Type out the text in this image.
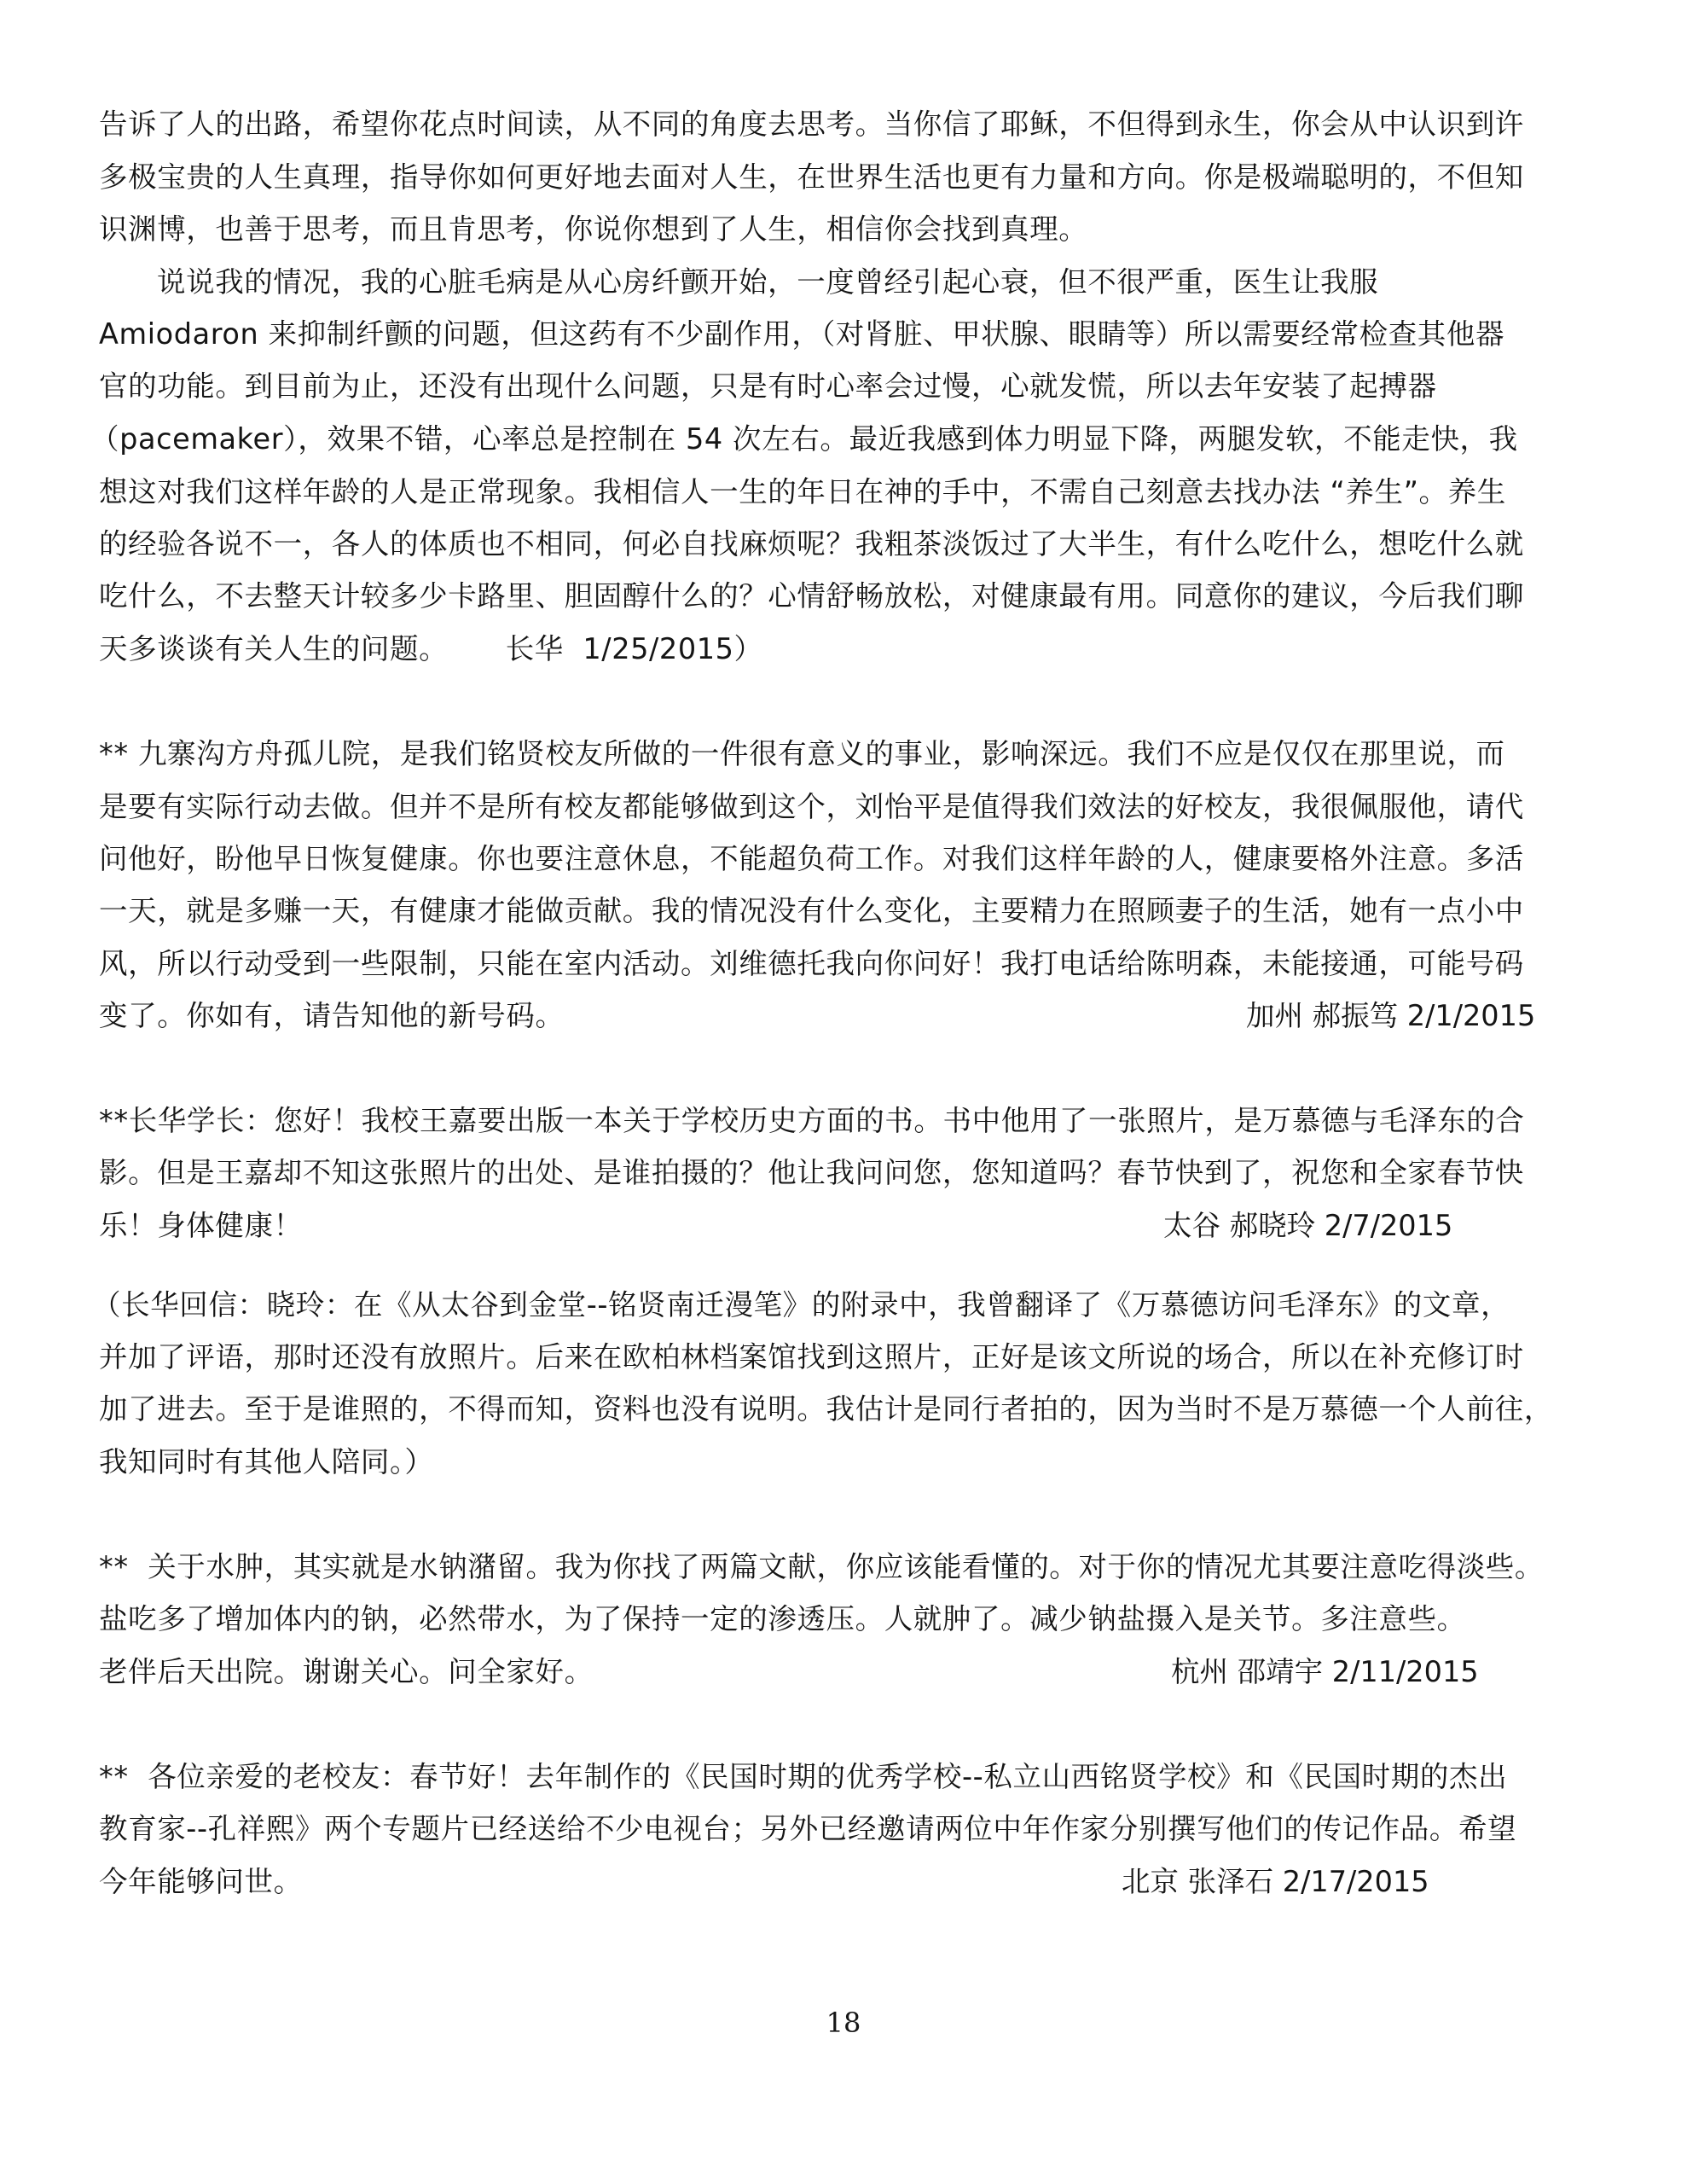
告诉了人的出路，希望你花点时间读，从不同的角度去思考。当你信了耶稣，不但得到永生，你会从中认识到许
多极宝贵的人生真理，指导你如何更好地去面对人生，在世界生活也更有力量和方向。你是极端聪明的，不但知
识渊博，也善于思考，而且肯思考，你说你想到了人生，相信你会找到真理。
说说我的情况，我的心脏毛病是从心房纤颤开始，一度曾经引起心衰，但不很严重，医生让我服
Amiodaron 来抑制纤颤的问题，但这药有不少副作用，（对肾脏、甲状腺、眼睛等）所以需要经常检查其他器
官的功能。到目前为止，还没有出现什么问题，只是有时心率会过慢，心就发慌，所以去年安装了起搏器
（pacemaker），效果不错，心率总是控制在 54 次左右。最近我感到体力明显下降，两腿发软，不能走快，我
想这对我们这样年龄的人是正常现象。我相信人一生的年日在神的手中，不需自己刻意去找办法 “养生”。养生
的经验各说不一，各人的体质也不相同，何必自找麻烦呢？我粗茶淡饭过了大半生，有什么吃什么，想吃什么就
吃什么，不去整天计较多少卡路里、胆固醇什么的？心情舒畅放松，对健康最有用。同意你的建议，今后我们聊
天多谈谈有关人生的问题。      长华  1/25/2015）
** 九寨沟方舟孤儿院，是我们铭贤校友所做的一件很有意义的事业，影响深远。我们不应是仅仅在那里说，而
是要有实际行动去做。但并不是所有校友都能够做到这个，刘怡平是值得我们效法的好校友，我很佩服他，请代
问他好，盼他早日恢复健康。你也要注意休息，不能超负荷工作。对我们这样年龄的人，健康要格外注意。多活
一天，就是多赚一天，有健康才能做贡献。我的情况没有什么变化，主要精力在照顾妻子的生活，她有一点小中
风，所以行动受到一些限制，只能在室内活动。刘维德托我向你问好！我打电话给陈明森，未能接通，可能号码
变了。你如有，请告知他的新号码。	加州 郝振笃 2/1/2015
**长华学长：您好！我校王嘉要出版一本关于学校历史方面的书。书中他用了一张照片，是万慕德与毛泽东的合
影。但是王嘉却不知这张照片的出处、是谁拍摄的？他让我问问您，您知道吗？春节快到了，祝您和全家春节快
乐！身体健康！	太谷 郝晓玲 2/7/2015
（长华回信：晓玲：在《从太谷到金堂--铭贤南迁漫笔》的附录中，我曾翻译了《万慕德访问毛泽东》的文章，
并加了评语，那时还没有放照片。后来在欧柏林档案馆找到这照片，正好是该文所说的场合，所以在补充修订时
加了进去。至于是谁照的，不得而知，资料也没有说明。我估计是同行者拍的，因为当时不是万慕德一个人前往，
我知同时有其他人陪同。）
**  关于水肿，其实就是水钠潴留。我为你找了两篇文献，你应该能看懂的。对于你的情况尤其要注意吃得淡些。
盐吃多了增加体内的钠，必然带水，为了保持一定的渗透压。人就肿了。减少钠盐摄入是关节。多注意些。
老伴后天出院。谢谢关心。问全家好。	杭州 邵靖宇 2/11/2015
**  各位亲爱的老校友：春节好！去年制作的《民国时期的优秀学校--私立山西铭贤学校》和《民国时期的杰出
教育家--孔祥熙》两个专题片已经送给不少电视台；另外已经邀请两位中年作家分别撰写他们的传记作品。希望
今年能够问世。	北京 张泽石 2/17/2015
18
